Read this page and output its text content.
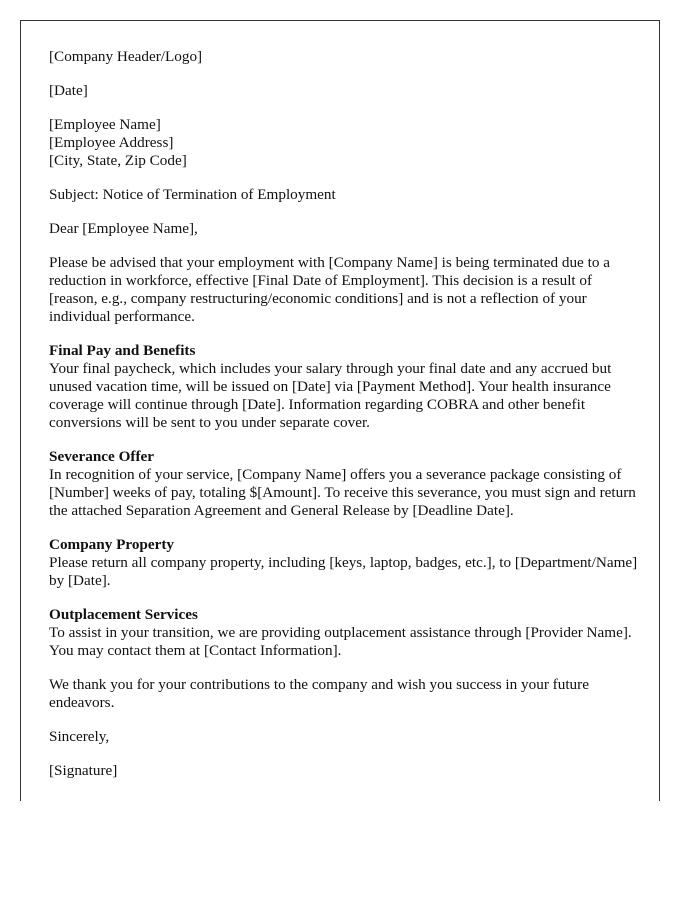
[Company Header/Logo]
[Date]
[Employee Name]
[Employee Address]
[City, State, Zip Code]
Subject: Notice of Termination of Employment
Dear [Employee Name],
Please be advised that your employment with [Company Name] is being terminated due to a reduction in workforce, effective [Final Date of Employment]. This decision is a result of [reason, e.g., company restructuring/economic conditions] and is not a reflection of your individual performance.
Final Pay and Benefits
Your final paycheck, which includes your salary through your final date and any accrued but unused vacation time, will be issued on [Date] via [Payment Method]. Your health insurance coverage will continue through [Date]. Information regarding COBRA and other benefit conversions will be sent to you under separate cover.
Severance Offer
In recognition of your service, [Company Name] offers you a severance package consisting of [Number] weeks of pay, totaling $[Amount]. To receive this severance, you must sign and return the attached Separation Agreement and General Release by [Deadline Date].
Company Property
Please return all company property, including [keys, laptop, badges, etc.], to [Department/Name] by [Date].
Outplacement Services
To assist in your transition, we are providing outplacement assistance through [Provider Name]. You may contact them at [Contact Information].
We thank you for your contributions to the company and wish you success in your future endeavors.
Sincerely,
[Signature]
